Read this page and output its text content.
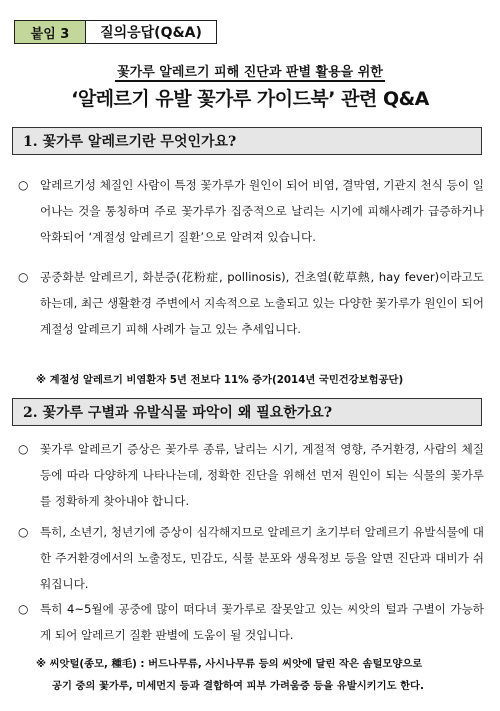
붙임 3	질의응답(Q&A)
꽃가루 알레르기 피해 진단과 판별 활용을 위한
‘알레르기 유발 꽃가루 가이드북’ 관련 Q&A
1. 꽃가루 알레르기란 무엇인가요?
○ 알레르기성 체질인 사람이 특정 꽃가루가 원인이 되어 비염, 결막염, 기관지 천식 등이 일어나는 것을 통칭하며 주로 꽃가루가 집중적으로 날리는 시기에 피해사례가 급증하거나 악화되어 ‘계절성 알레르기 질환’으로 알려져 있습니다.
○ 공중화분 알레르기, 화분증(花粉症, pollinosis), 건초열(乾草熱, hay fever)이라고도 하는데, 최근 생활환경 주변에서 지속적으로 노출되고 있는 다양한 꽃가루가 원인이 되어 계절성 알레르기 피해 사례가 늘고 있는 추세입니다.
※ 계절성 알레르기 비염환자 5년 전보다 11% 증가(2014년 국민건강보험공단)
2. 꽃가루 구별과 유발식물 파악이 왜 필요한가요?
○ 꽃가루 알레르기 증상은 꽃가루 종류, 날리는 시기, 계절적 영향, 주거환경, 사람의 체질 등에 따라 다양하게 나타나는데, 정확한 진단을 위해선 먼저 원인이 되는 식물의 꽃가루를 정확하게 찾아내야 합니다.
○ 특히, 소년기, 청년기에 증상이 심각해지므로 알레르기 초기부터 알레르기 유발식물에 대한 주거환경에서의 노출정도, 민감도, 식물 분포와 생육정보 등을 알면 진단과 대비가 쉬워집니다.
○ 특히 4~5월에 공중에 많이 떠다녀 꽃가루로 잘못알고 있는 씨앗의 털과 구별이 가능하게 되어 알레르기 질환 판별에 도움이 될 것입니다.
※ 씨앗털(종모, 種毛) : 버드나무류, 사시나무류 등의 씨앗에 달린 작은 솜털모양으로
공기 중의 꽃가루, 미세먼지 등과 결합하여 피부 가려움증 등을 유발시키기도 한다.
